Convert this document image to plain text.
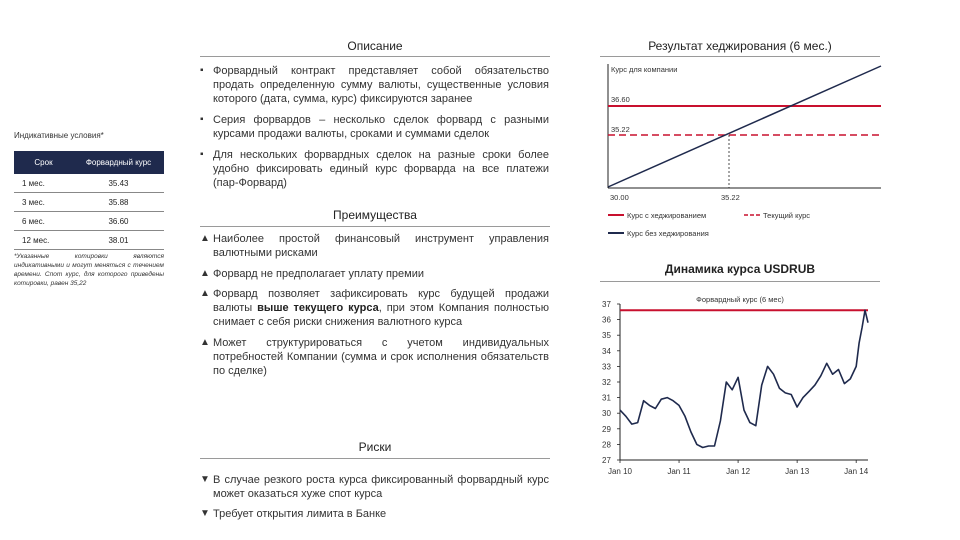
Описание
▪ Форвардный контракт представляет собой обязательство продать определенную сумму валюты, существенные условия которого (дата, сумма, курс) фиксируются заранее
▪ Серия форвардов – несколько сделок форвард с разными курсами продажи валюты, сроками и суммами сделок
▪ Для нескольких форвардных сделок на разные сроки более удобно фиксировать единый курс форварда на все платежи (пар-Форвард)
Индикативные условия*
Срок	Форвардный курс
1 мес.	35.43
3 мес.	35.88
6 мес.	36.60
12 мес.	38.01
*Указанные котировки являются индикативными и могут меняться с течением времени. Спот курс, для которого приведены котировки, равен 35,22
Преимущества
▲ Наиболее простой финансовый инструмент управления валютными рисками
▲ Форвард не предполагает уплату премии
▲ Форвард позволяет зафиксировать курс будущей продажи валюты выше текущего курса, при этом Компания полностью снимает с себя риски снижения валютного курса
▲ Может структурироваться с учетом индивидуальных потребностей Компании (сумма и срок исполнения обязательств по сделке)
Риски
▼ В случае резкого роста курса фиксированный форвардный курс может оказаться хуже спот курса
▼ Требует открытия лимита в Банке
Результат хеджирования (6 мес.)
Курс для компании
36.60
35.22
30.00	35.22
Курс с хеджированием	Текущий курс
Курс без хеджирования
Динамика курса USDRUB
Форвардный курс (6 мес)
37
36
35
34
33
32
31
30
29
28
27
Jan 10	Jan 11	Jan 12	Jan 13	Jan 14
